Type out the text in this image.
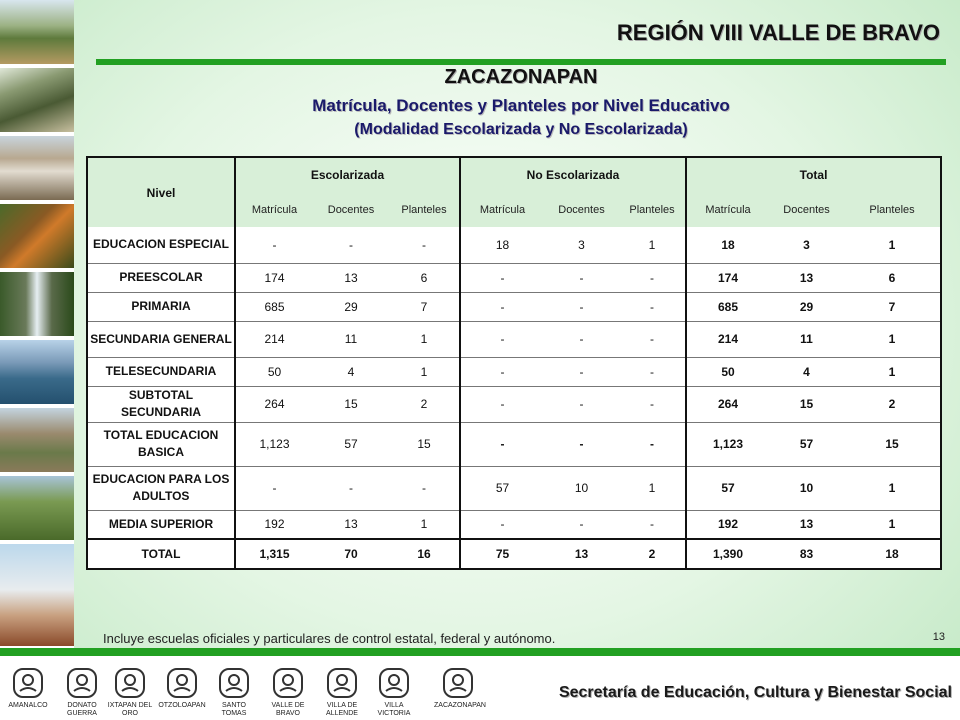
REGIÓN VIII VALLE DE BRAVO
ZACAZONAPAN
Matrícula, Docentes y Planteles por Nivel Educativo
(Modalidad Escolarizada y No Escolarizada)
Nivel	Escolarizada			No Escolarizada			Total		
	Matrícula	Docentes	Planteles	Matrícula	Docentes	Planteles	Matrícula	Docentes	Planteles
EDUCACION ESPECIAL	-	-	-	18	3	1	18	3	1
PREESCOLAR	174	13	6	-	-	-	174	13	6
PRIMARIA	685	29	7	-	-	-	685	29	7
SECUNDARIA GENERAL	214	11	1	-	-	-	214	11	1
TELESECUNDARIA	50	4	1	-	-	-	50	4	1
SUBTOTAL SECUNDARIA	264	15	2	-	-	-	264	15	2
TOTAL EDUCACION BASICA	1,123	57	15	-	-	-	1,123	57	15
EDUCACION PARA LOS ADULTOS	-	-	-	57	10	1	57	10	1
MEDIA SUPERIOR	192	13	1	-	-	-	192	13	1
TOTAL	1,315	70	16	75	13	2	1,390	83	18
Incluye escuelas oficiales y particulares de control estatal, federal y autónomo.	13
AMANALCO	DONATO GUERRA
IXTAPAN DEL ORO
OTZOLOAPAN	SANTO TOMAS
VALLE DE BRAVO
VILLA DE ALLENDE
VILLA VICTORIA
ZACAZONAPAN
Secretaría de Educación, Cultura y Bienestar Social
